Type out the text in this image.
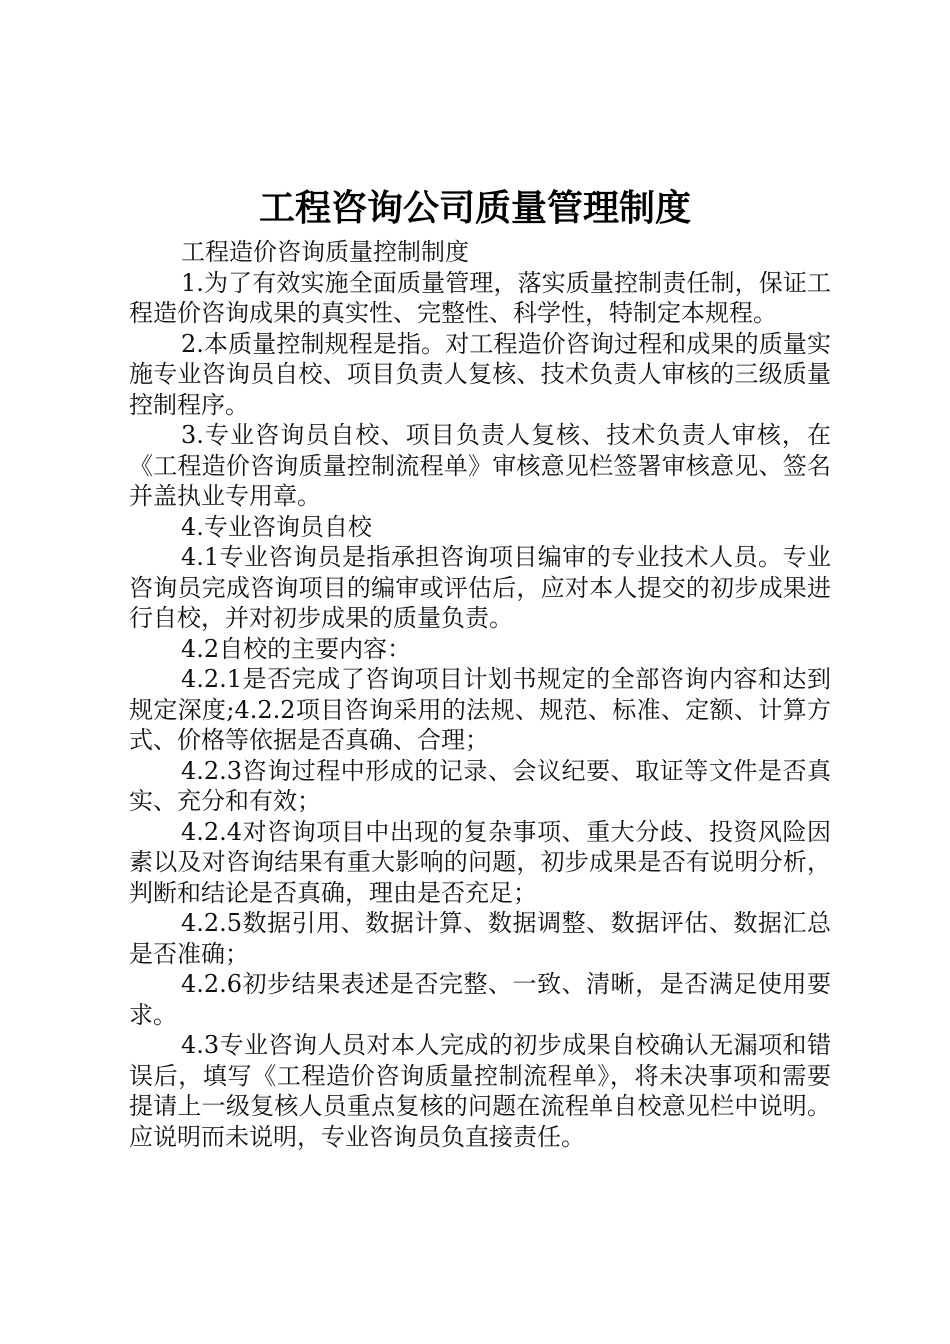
工程咨询公司质量管理制度

工程造价咨询质量控制制度

1.为了有效实施全面质量管理，落实质量控制责任制，保证工程造价咨询成果的真实性、完整性、科学性，特制定本规程。

2.本质量控制规程是指。对工程造价咨询过程和成果的质量实施专业咨询员自校、项目负责人复核、技术负责人审核的三级质量控制程序。

3.专业咨询员自校、项目负责人复核、技术负责人审核，在《工程造价咨询质量控制流程单》审核意见栏签署审核意见、签名并盖执业专用章。

4.专业咨询员自校

4.1专业咨询员是指承担咨询项目编审的专业技术人员。专业咨询员完成咨询项目的编审或评估后，应对本人提交的初步成果进行自校，并对初步成果的质量负责。

4.2自校的主要内容：

4.2.1是否完成了咨询项目计划书规定的全部咨询内容和达到规定深度;4.2.2项目咨询采用的法规、规范、标准、定额、计算方式、价格等依据是否真确、合理；

4.2.3咨询过程中形成的记录、会议纪要、取证等文件是否真实、充分和有效；

4.2.4对咨询项目中出现的复杂事项、重大分歧、投资风险因素以及对咨询结果有重大影响的问题，初步成果是否有说明分析，判断和结论是否真确，理由是否充足；

4.2.5数据引用、数据计算、数据调整、数据评估、数据汇总是否准确；

4.2.6初步结果表述是否完整、一致、清晰，是否满足使用要求。

4.3专业咨询人员对本人完成的初步成果自校确认无漏项和错误后，填写《工程造价咨询质量控制流程单》，将未决事项和需要提请上一级复核人员重点复核的问题在流程单自校意见栏中说明。应说明而未说明，专业咨询员负直接责任。
